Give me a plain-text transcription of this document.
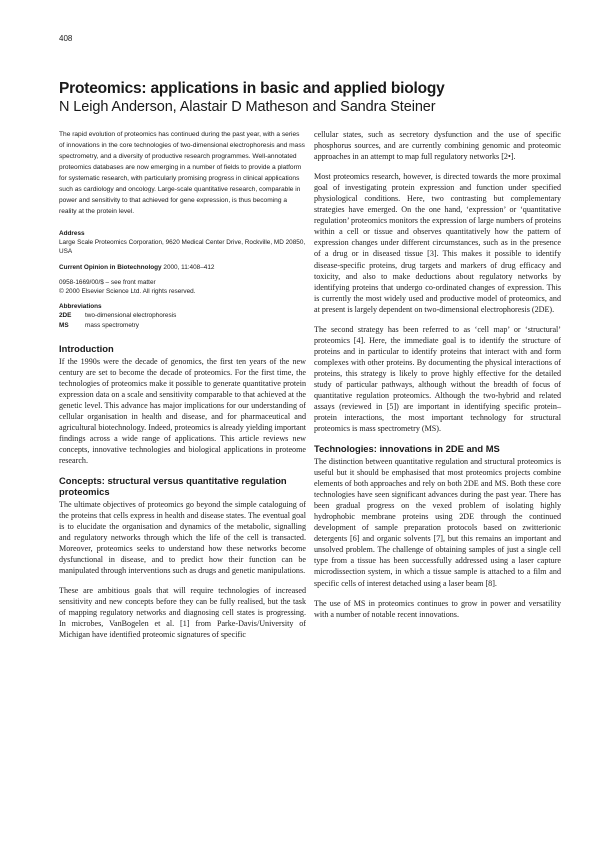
408
Proteomics: applications in basic and applied biology

N Leigh Anderson, Alastair D Matheson and Sandra Steiner

The rapid evolution of proteomics has continued during the past year, with a series of innovations in the core technologies of two-dimensional electrophoresis and mass spectrometry, and a diversity of productive research programmes. Well-annotated proteomics databases are now emerging in a number of fields to provide a platform for systematic research, with particularly promising progress in clinical applications such as cardiology and oncology. Large-scale quantitative research, comparable in power and sensitivity to that achieved for gene expression, is thus becoming a reality at the protein level.

Address

Large Scale Proteomics Corporation, 9620 Medical Center Drive, Rockville, MD 20850, USA

Current Opinion in Biotechnology 2000, 11:408–412

0958-1669/00/$ – see front matter

© 2000 Elsevier Science Ltd. All rights reserved.

Abbreviations

2DE	two-dimensional electrophoresis
MS	mass spectrometry
Introduction

If the 1990s were the decade of genomics, the first ten years of the new century are set to become the decade of proteomics. For the first time, the technologies of proteomics make it possible to generate quantitative protein expression data on a scale and sensitivity comparable to that achieved at the genetic level. This advance has major implications for our understanding of cellular organisation in health and disease, and for pharmaceutical and agricultural biotechnology. Indeed, proteomics is already yielding important findings across a wide range of applications. This article reviews new concepts, innovative technologies and biological applications in proteome research.

Concepts: structural versus quantitative regulation proteomics

The ultimate objectives of proteomics go beyond the simple cataloguing of the proteins that cells express in health and disease states. The eventual goal is to elucidate the organisation and dynamics of the metabolic, signalling and regulatory networks through which the life of the cell is transacted. Moreover, proteomics seeks to understand how these networks become dysfunctional in disease, and to predict how their function can be manipulated through interventions such as drugs and genetic manipulations.

These are ambitious goals that will require technologies of increased sensitivity and new concepts before they can be fully realised, but the task of mapping regulatory networks and diagnosing cell states is progressing. In microbes, VanBogelen et al. [1] from Parke-Davis/University of Michigan have identified proteomic signatures of specific

cellular states, such as secretory dysfunction and the use of specific phosphorus sources, and are currently combining genomic and proteomic approaches in an attempt to map full regulatory networks [2•].

Most proteomics research, however, is directed towards the more proximal goal of investigating protein expression and function under specified physiological conditions. Here, two contrasting but complementary strategies have emerged. On the one hand, ‘expression’ or ‘quantitative regulation’ proteomics monitors the expression of large numbers of proteins within a cell or tissue and observes quantitatively how the pattern of expression changes under different circumstances, such as in the presence of a drug or in diseased tissue [3]. This makes it possible to identify disease-specific proteins, drug targets and markers of drug efficacy and toxicity, and also to make deductions about regulatory networks by identifying proteins that undergo co-ordinated changes of expression. This is currently the most widely used and productive model of proteomics, and at present is largely dependent on two-dimensional electrophoresis (2DE).

The second strategy has been referred to as ‘cell map’ or ‘structural’ proteomics [4]. Here, the immediate goal is to identify the structure of proteins and in particular to identify proteins that interact with and form complexes with other proteins. By documenting the physical interactions of proteins, this strategy is likely to prove highly effective for the detailed study of particular pathways, although without the breadth of focus of quantitative regulation proteomics. Although the two-hybrid and related assays (reviewed in [5]) are important in identifying specific protein–protein interactions, the most important technology for structural proteomics is mass spectrometry (MS).

Technologies: innovations in 2DE and MS

The distinction between quantitative regulation and structural proteomics is useful but it should be emphasised that most proteomics projects combine elements of both approaches and rely on both 2DE and MS. Both these core technologies have seen significant advances during the past year. There has been gradual progress on the vexed problem of isolating highly hydrophobic membrane proteins using 2DE through the continued development of sample preparation protocols based on zwitterionic detergents [6] and organic solvents [7], but this remains an important and unsolved problem. The challenge of obtaining samples of just a single cell type from a tissue has been successfully addressed using a laser capture microdissection system, in which a tissue sample is attached to a film and specific cells of interest detached using a laser beam [8].

The use of MS in proteomics continues to grow in power and versatility with a number of notable recent innovations.
